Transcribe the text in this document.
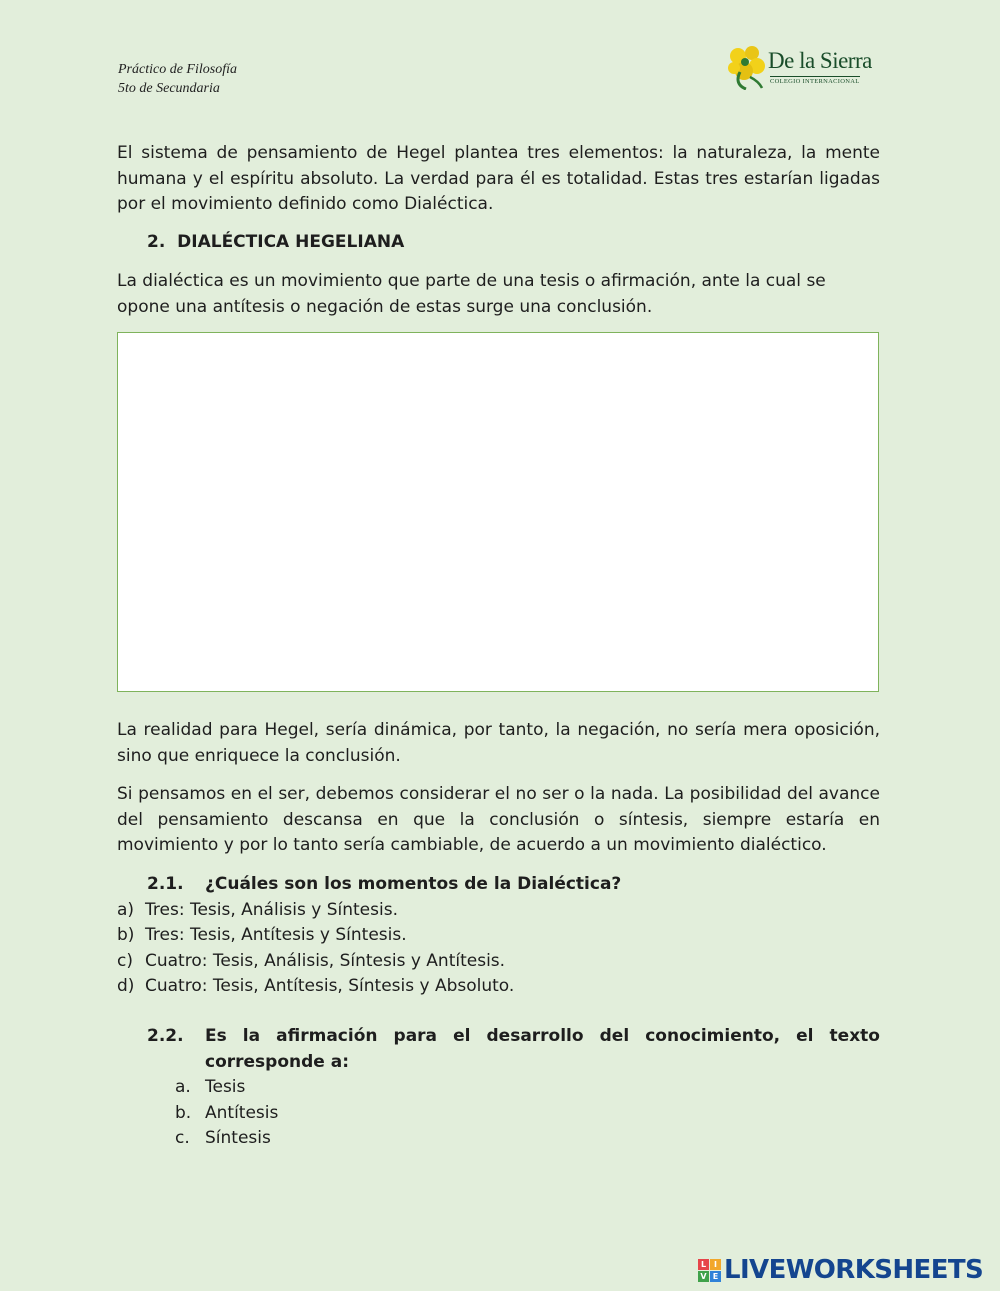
Práctico de Filosofía
5to de Secundaria
De la Sierra
COLEGIO INTERNACIONAL

El sistema de pensamiento de Hegel plantea tres elementos: la naturaleza, la mente humana y el espíritu absoluto. La verdad para él es totalidad. Estas tres estarían ligadas por el movimiento definido como Dialéctica.

2. DIALÉCTICA HEGELIANA

La dialéctica es un movimiento que parte de una tesis o afirmación, ante la cual se

opone una antítesis o negación de estas surge una conclusión.

La realidad para Hegel, sería dinámica, por tanto, la negación, no sería mera oposición, sino que enriquece la conclusión.

Si pensamos en el ser, debemos considerar el no ser o la nada. La posibilidad del avance del pensamiento descansa en que la conclusión o síntesis, siempre estaría en movimiento y por lo tanto sería cambiable, de acuerdo a un movimiento dialéctico.

2.1.	¿Cuáles son los momentos de la Dialéctica?
a) Tres: Tesis, Análisis y Síntesis.
b) Tres: Tesis, Antítesis y Síntesis.
c) Cuatro: Tesis, Análisis, Síntesis y Antítesis.
d) Cuatro: Tesis, Antítesis, Síntesis y Absoluto.
2.2.	Es la afirmación para el desarrollo del conocimiento, el texto corresponde a:
a. Tesis
b. Antítesis
c. Síntesis
L I
V E LIVEWORKSHEETS
